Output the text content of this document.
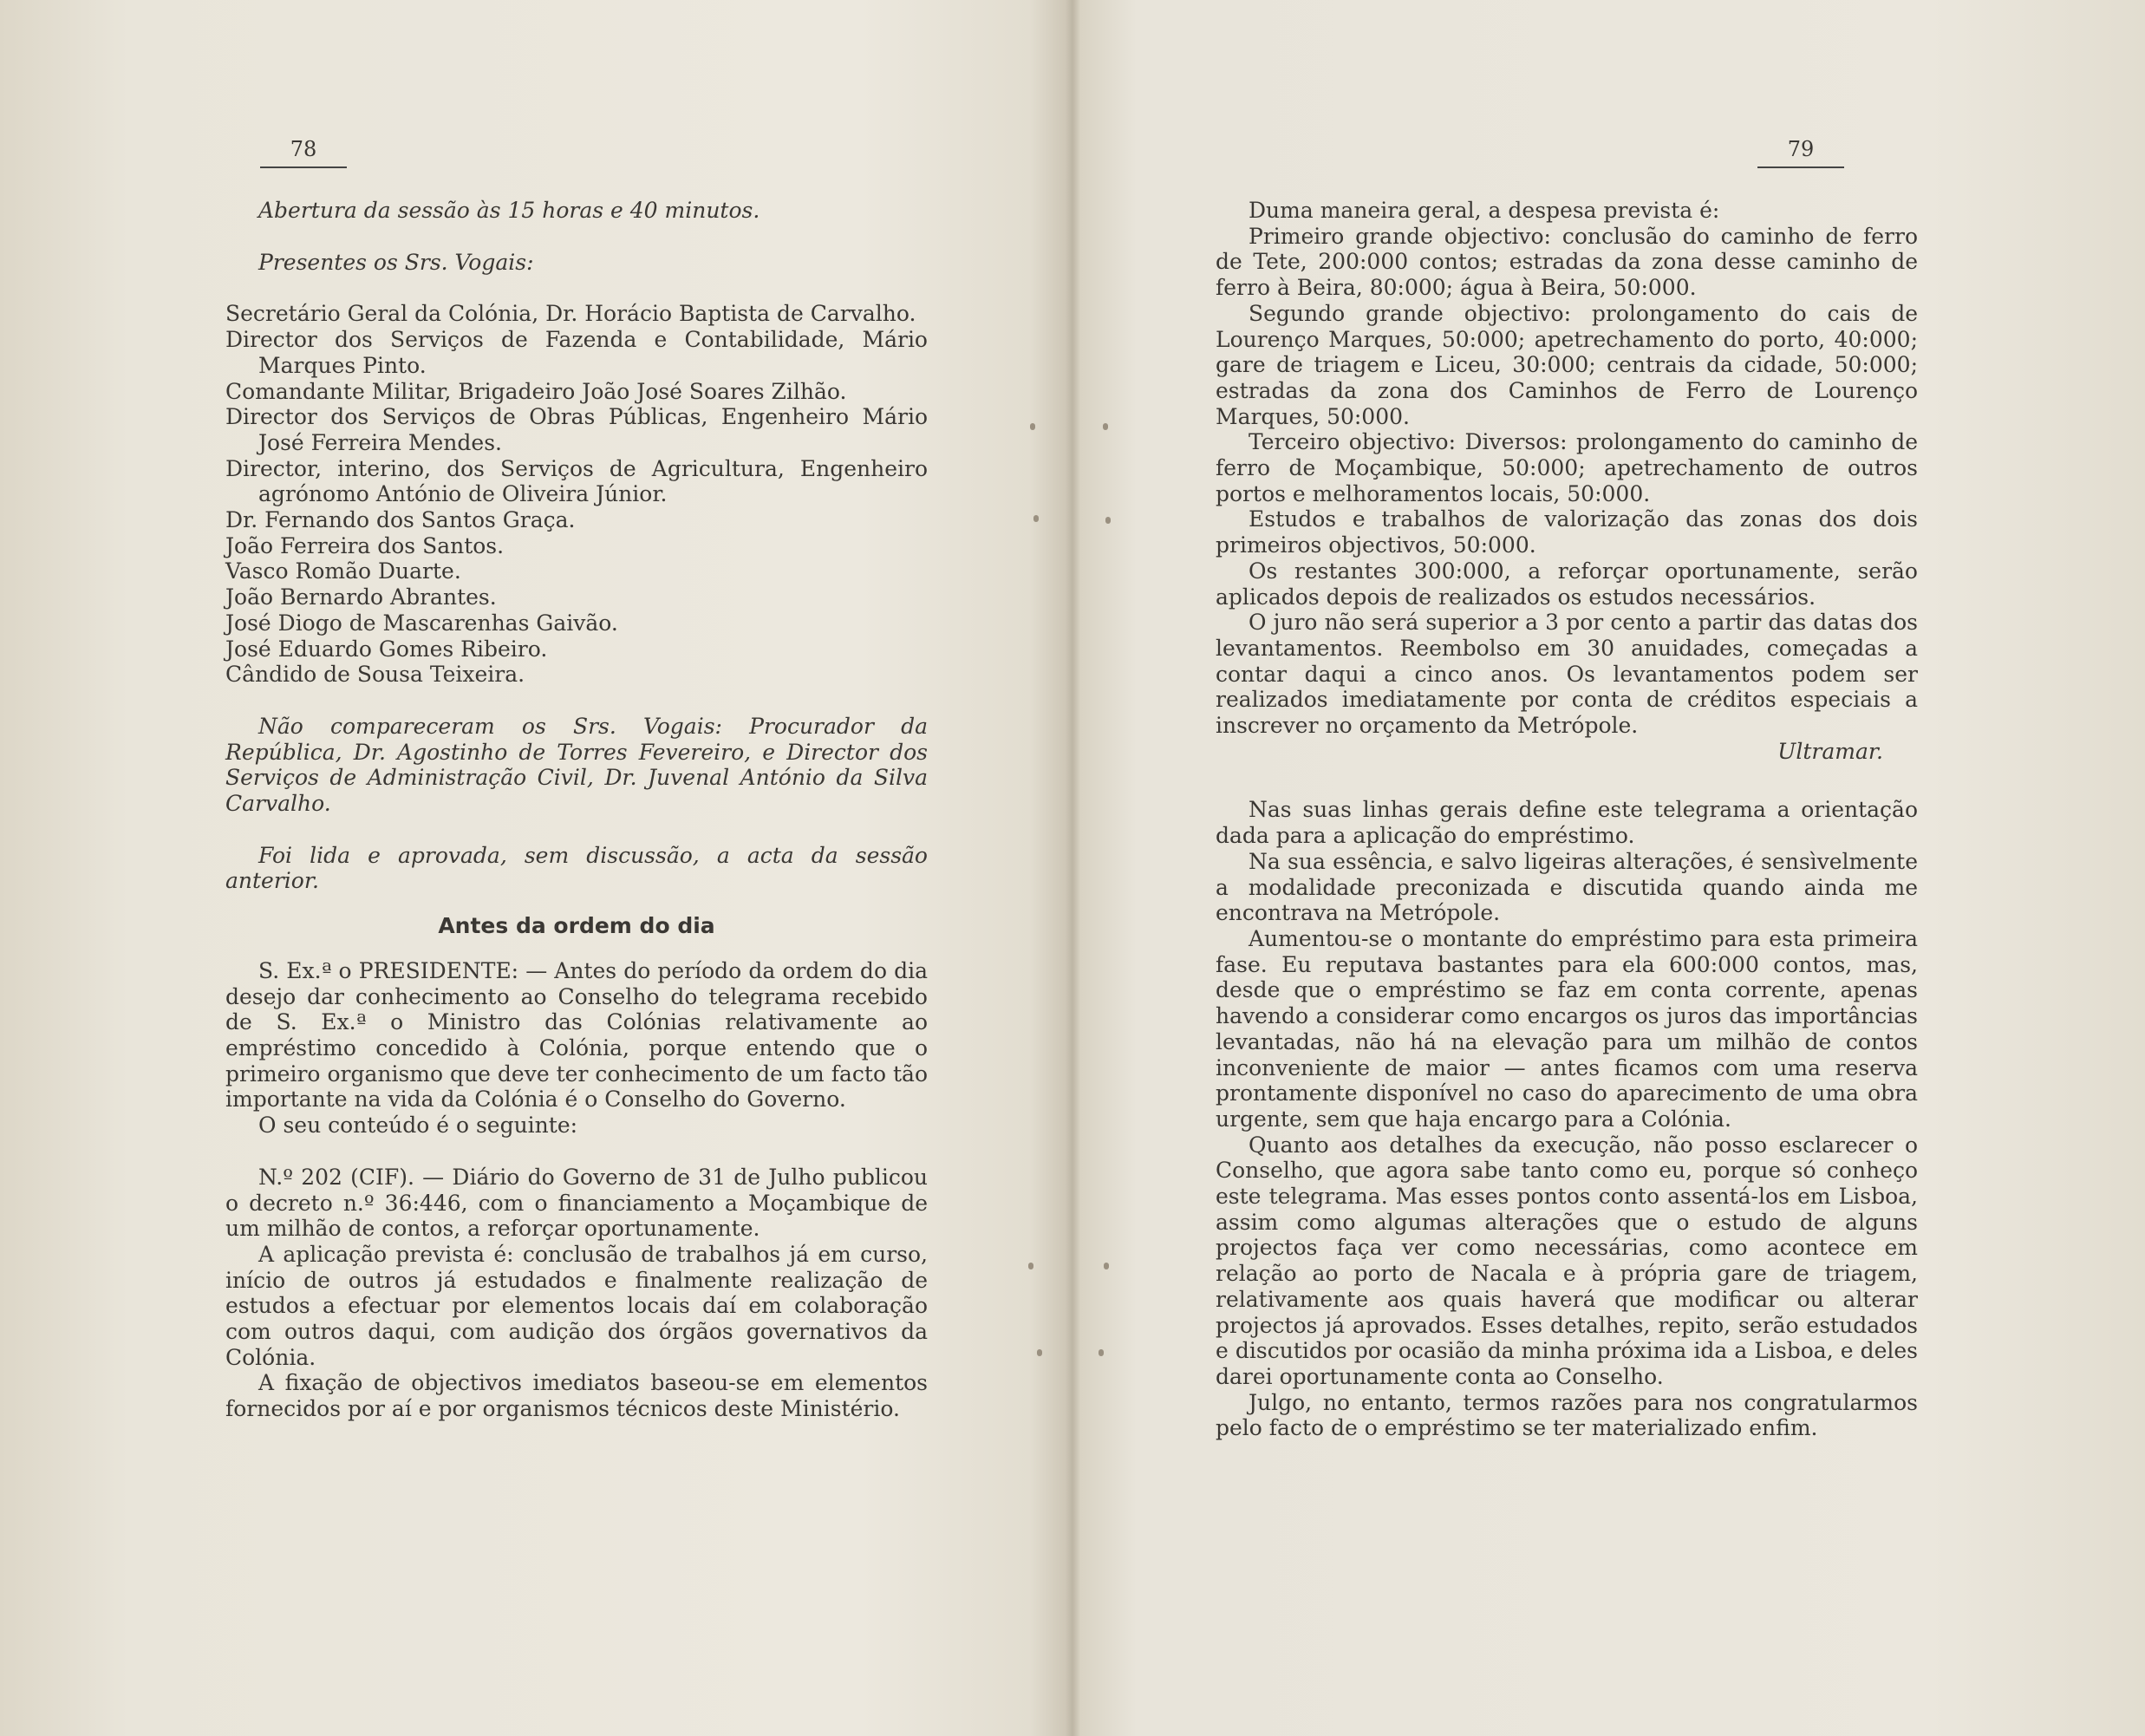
78

Abertura da sessão às 15 horas e 40 minutos.

Presentes os Srs. Vogais:

Secretário Geral da Colónia, Dr. Horácio Baptista de Carvalho.

Director dos Serviços de Fazenda e Contabilidade, Mário Marques Pinto.

Comandante Militar, Brigadeiro João José Soares Zilhão.

Director dos Serviços de Obras Públicas, Engenheiro Mário José Ferreira Mendes.

Director, interino, dos Serviços de Agricultura, Engenheiro agrónomo António de Oliveira Júnior.

Dr. Fernando dos Santos Graça.

João Ferreira dos Santos.

Vasco Romão Duarte.

João Bernardo Abrantes.

José Diogo de Mascarenhas Gaivão.

José Eduardo Gomes Ribeiro.

Cândido de Sousa Teixeira.

Não compareceram os Srs. Vogais: Procurador da República, Dr. Agostinho de Torres Fevereiro, e Director dos Serviços de Administração Civil, Dr. Juvenal António da Silva Carvalho.

Foi lida e aprovada, sem discussão, a acta da sessão anterior.

Antes da ordem do dia

S. Ex.ª o PRESIDENTE: — Antes do período da ordem do dia desejo dar conhecimento ao Conselho do telegrama recebido de S. Ex.ª o Ministro das Colónias relativamente ao empréstimo concedido à Colónia, porque entendo que o primeiro organismo que deve ter conhecimento de um facto tão importante na vida da Colónia é o Conselho do Governo.

O seu conteúdo é o seguinte:

N.º 202 (CIF). — Diário do Governo de 31 de Julho publicou o decreto n.º 36:446, com o financiamento a Moçambique de um milhão de contos, a reforçar oportunamente.

A aplicação prevista é: conclusão de trabalhos já em curso, início de outros já estudados e finalmente realização de estudos a efectuar por elementos locais daí em colaboração com outros daqui, com audição dos órgãos governativos da Colónia.

A fixação de objectivos imediatos baseou-se em elementos fornecidos por aí e por organismos técnicos deste Ministério.

79

Duma maneira geral, a despesa prevista é:

Primeiro grande objectivo: conclusão do caminho de ferro de Tete, 200:000 contos; estradas da zona desse caminho de ferro à Beira, 80:000; água à Beira, 50:000.

Segundo grande objectivo: prolongamento do cais de Lourenço Marques, 50:000; apetrechamento do porto, 40:000; gare de triagem e Liceu, 30:000; centrais da cidade, 50:000; estradas da zona dos Caminhos de Ferro de Lourenço Marques, 50:000.

Terceiro objectivo: Diversos: prolongamento do caminho de ferro de Moçambique, 50:000; apetrechamento de outros portos e melhoramentos locais, 50:000.

Estudos e trabalhos de valorização das zonas dos dois primeiros objectivos, 50:000.

Os restantes 300:000, a reforçar oportunamente, serão aplicados depois de realizados os estudos necessários.

O juro não será superior a 3 por cento a partir das datas dos levantamentos. Reembolso em 30 anuidades, começadas a contar daqui a cinco anos. Os levantamentos podem ser realizados imediatamente por conta de créditos especiais a inscrever no orçamento da Metrópole.

Ultramar.

Nas suas linhas gerais define este telegrama a orientação dada para a aplicação do empréstimo.

Na sua essência, e salvo ligeiras alterações, é sensìvelmente a modalidade preconizada e discutida quando ainda me encontrava na Metrópole.

Aumentou-se o montante do empréstimo para esta primeira fase. Eu reputava bastantes para ela 600:000 contos, mas, desde que o empréstimo se faz em conta corrente, apenas havendo a considerar como encargos os juros das importâncias levantadas, não há na elevação para um milhão de contos inconveniente de maior — antes ficamos com uma reserva prontamente disponível no caso do aparecimento de uma obra urgente, sem que haja encargo para a Colónia.

Quanto aos detalhes da execução, não posso esclarecer o Conselho, que agora sabe tanto como eu, porque só conheço este telegrama. Mas esses pontos conto assentá-los em Lisboa, assim como algumas alterações que o estudo de alguns projectos faça ver como necessárias, como acontece em relação ao porto de Nacala e à própria gare de triagem, relativamente aos quais haverá que modificar ou alterar projectos já aprovados. Esses detalhes, repito, serão estudados e discutidos por ocasião da minha próxima ida a Lisboa, e deles darei oportunamente conta ao Conselho.

Julgo, no entanto, termos razões para nos congratularmos pelo facto de o empréstimo se ter materializado enfim.
